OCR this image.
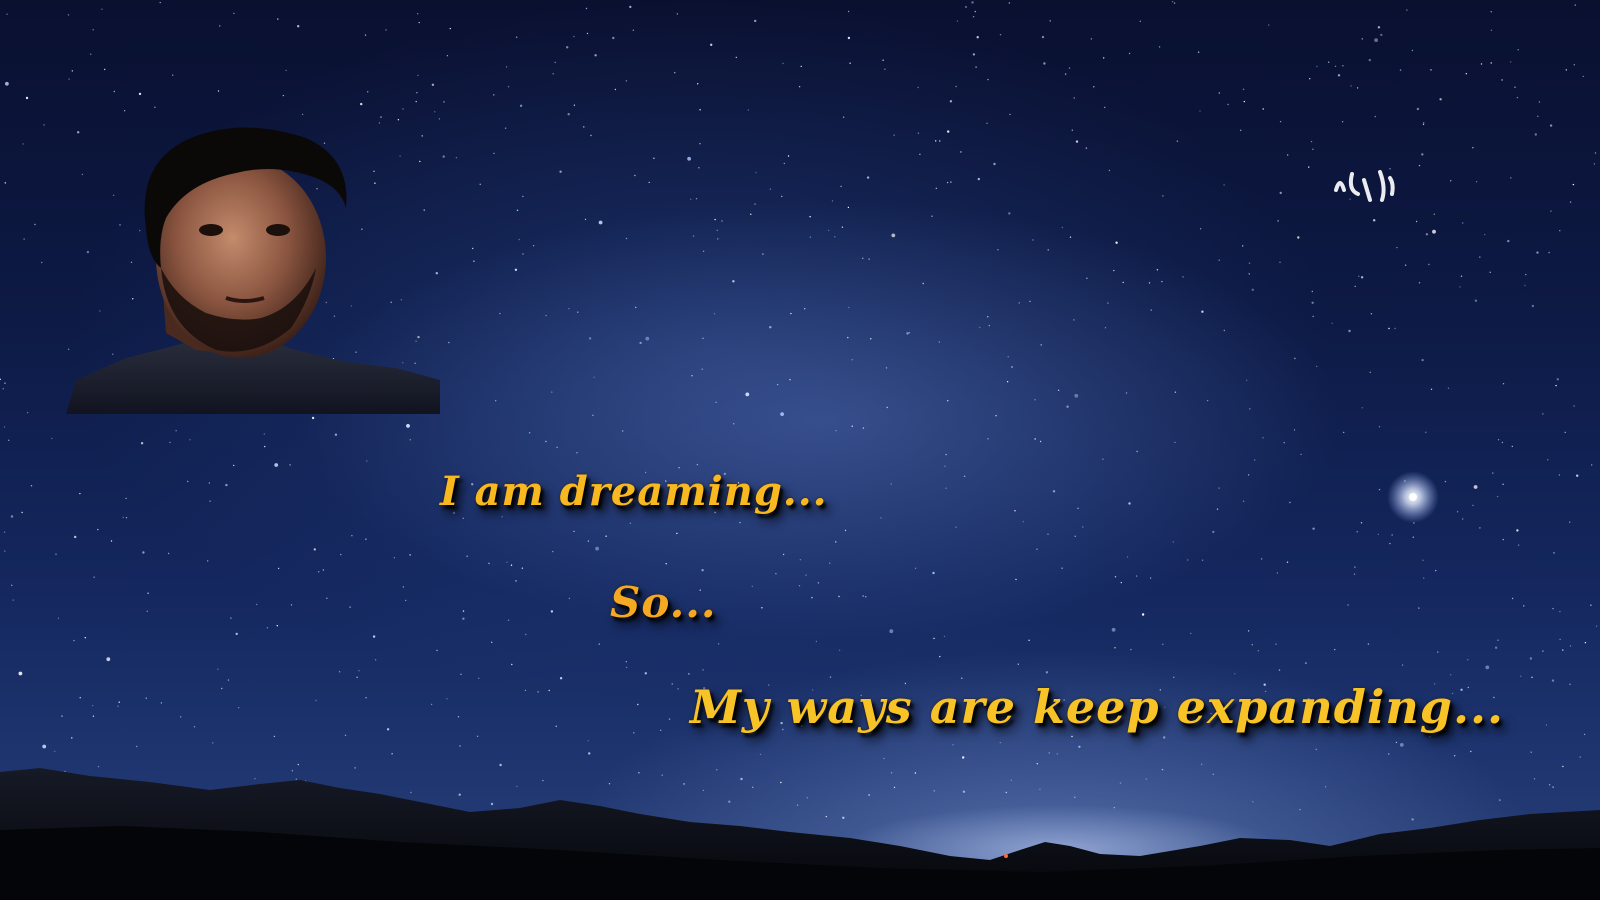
I am dreaming...

So...

My ways are keep expanding...
